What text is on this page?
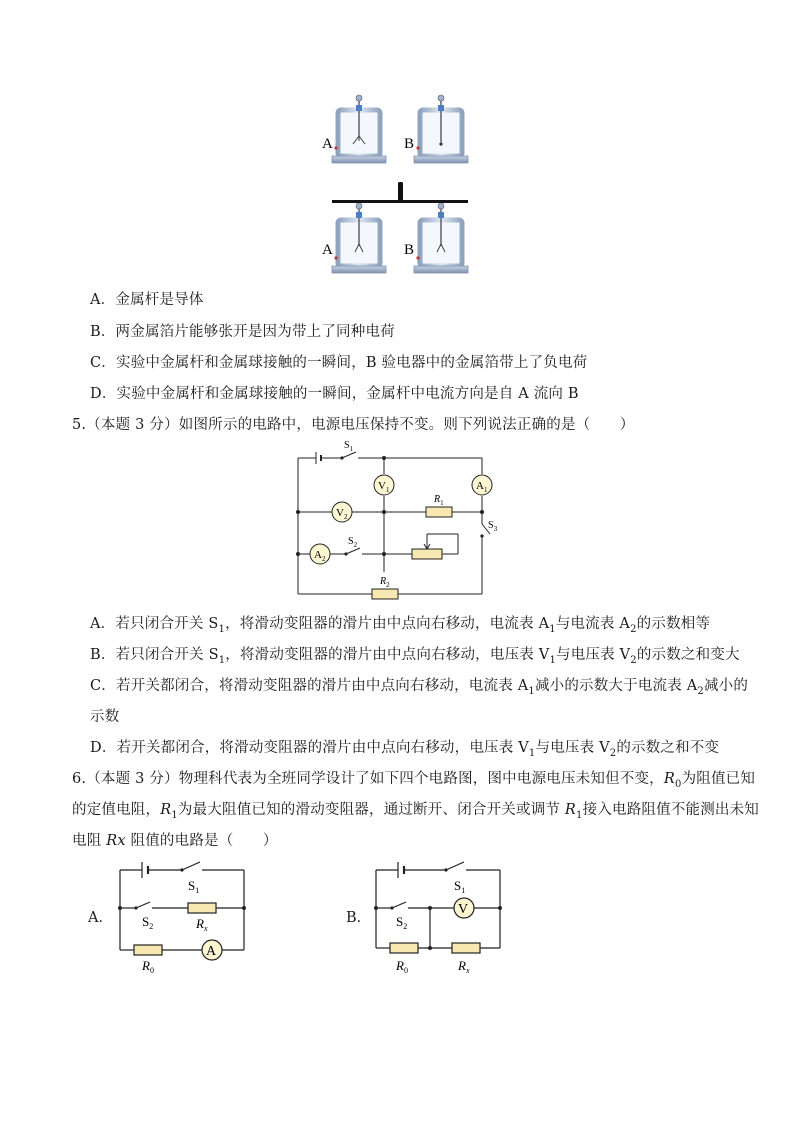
A	B
A	B
A．金属杆是导体
B．两金属箔片能够张开是因为带上了同种电荷
C．实验中金属杆和金属球接触的一瞬间，B 验电器中的金属箔带上了负电荷
D．实验中金属杆和金属球接触的一瞬间，金属杆中电流方向是自 A 流向 B
5.（本题 3 分）如图所示的电路中，电源电压保持不变。则下列说法正确的是（　　）
$V_1$	$A_1$
$V_2$
$A_2$
$S_1$
$R_1$
$S_3$
$S_2$
$R_2$
A．若只闭合开关 $S_1$，将滑动变阻器的滑片由中点向右移动，电流表 $A_1$与电流表 $A_2$的示数相等
B．若只闭合开关 $S_1$，将滑动变阻器的滑片由中点向右移动，电压表 $V_1$与电压表 $V_2$的示数之和变大
C．若开关都闭合，将滑动变阻器的滑片由中点向右移动，电流表 $A_1$减小的示数大于电流表 $A_2$减小的
示数
D．若开关都闭合，将滑动变阻器的滑片由中点向右移动，电压表 $V_1$与电压表 $V_2$的示数之和不变
6.（本题 3 分）物理科代表为全班同学设计了如下四个电路图，图中电源电压未知但不变，$R_0$为阻值已知
的定值电阻，$R_1$为最大阻值已知的滑动变阻器，通过断开、闭合开关或调节 $R_1$接入电路阻值不能测出未知
电阻 Rx 阻值的电路是（　　）
A．
A
$S_1$
$S_2$	$R_x$
$R_0$
B．
V
$S_1$
$S_2$
$R_0$	$R_x$
